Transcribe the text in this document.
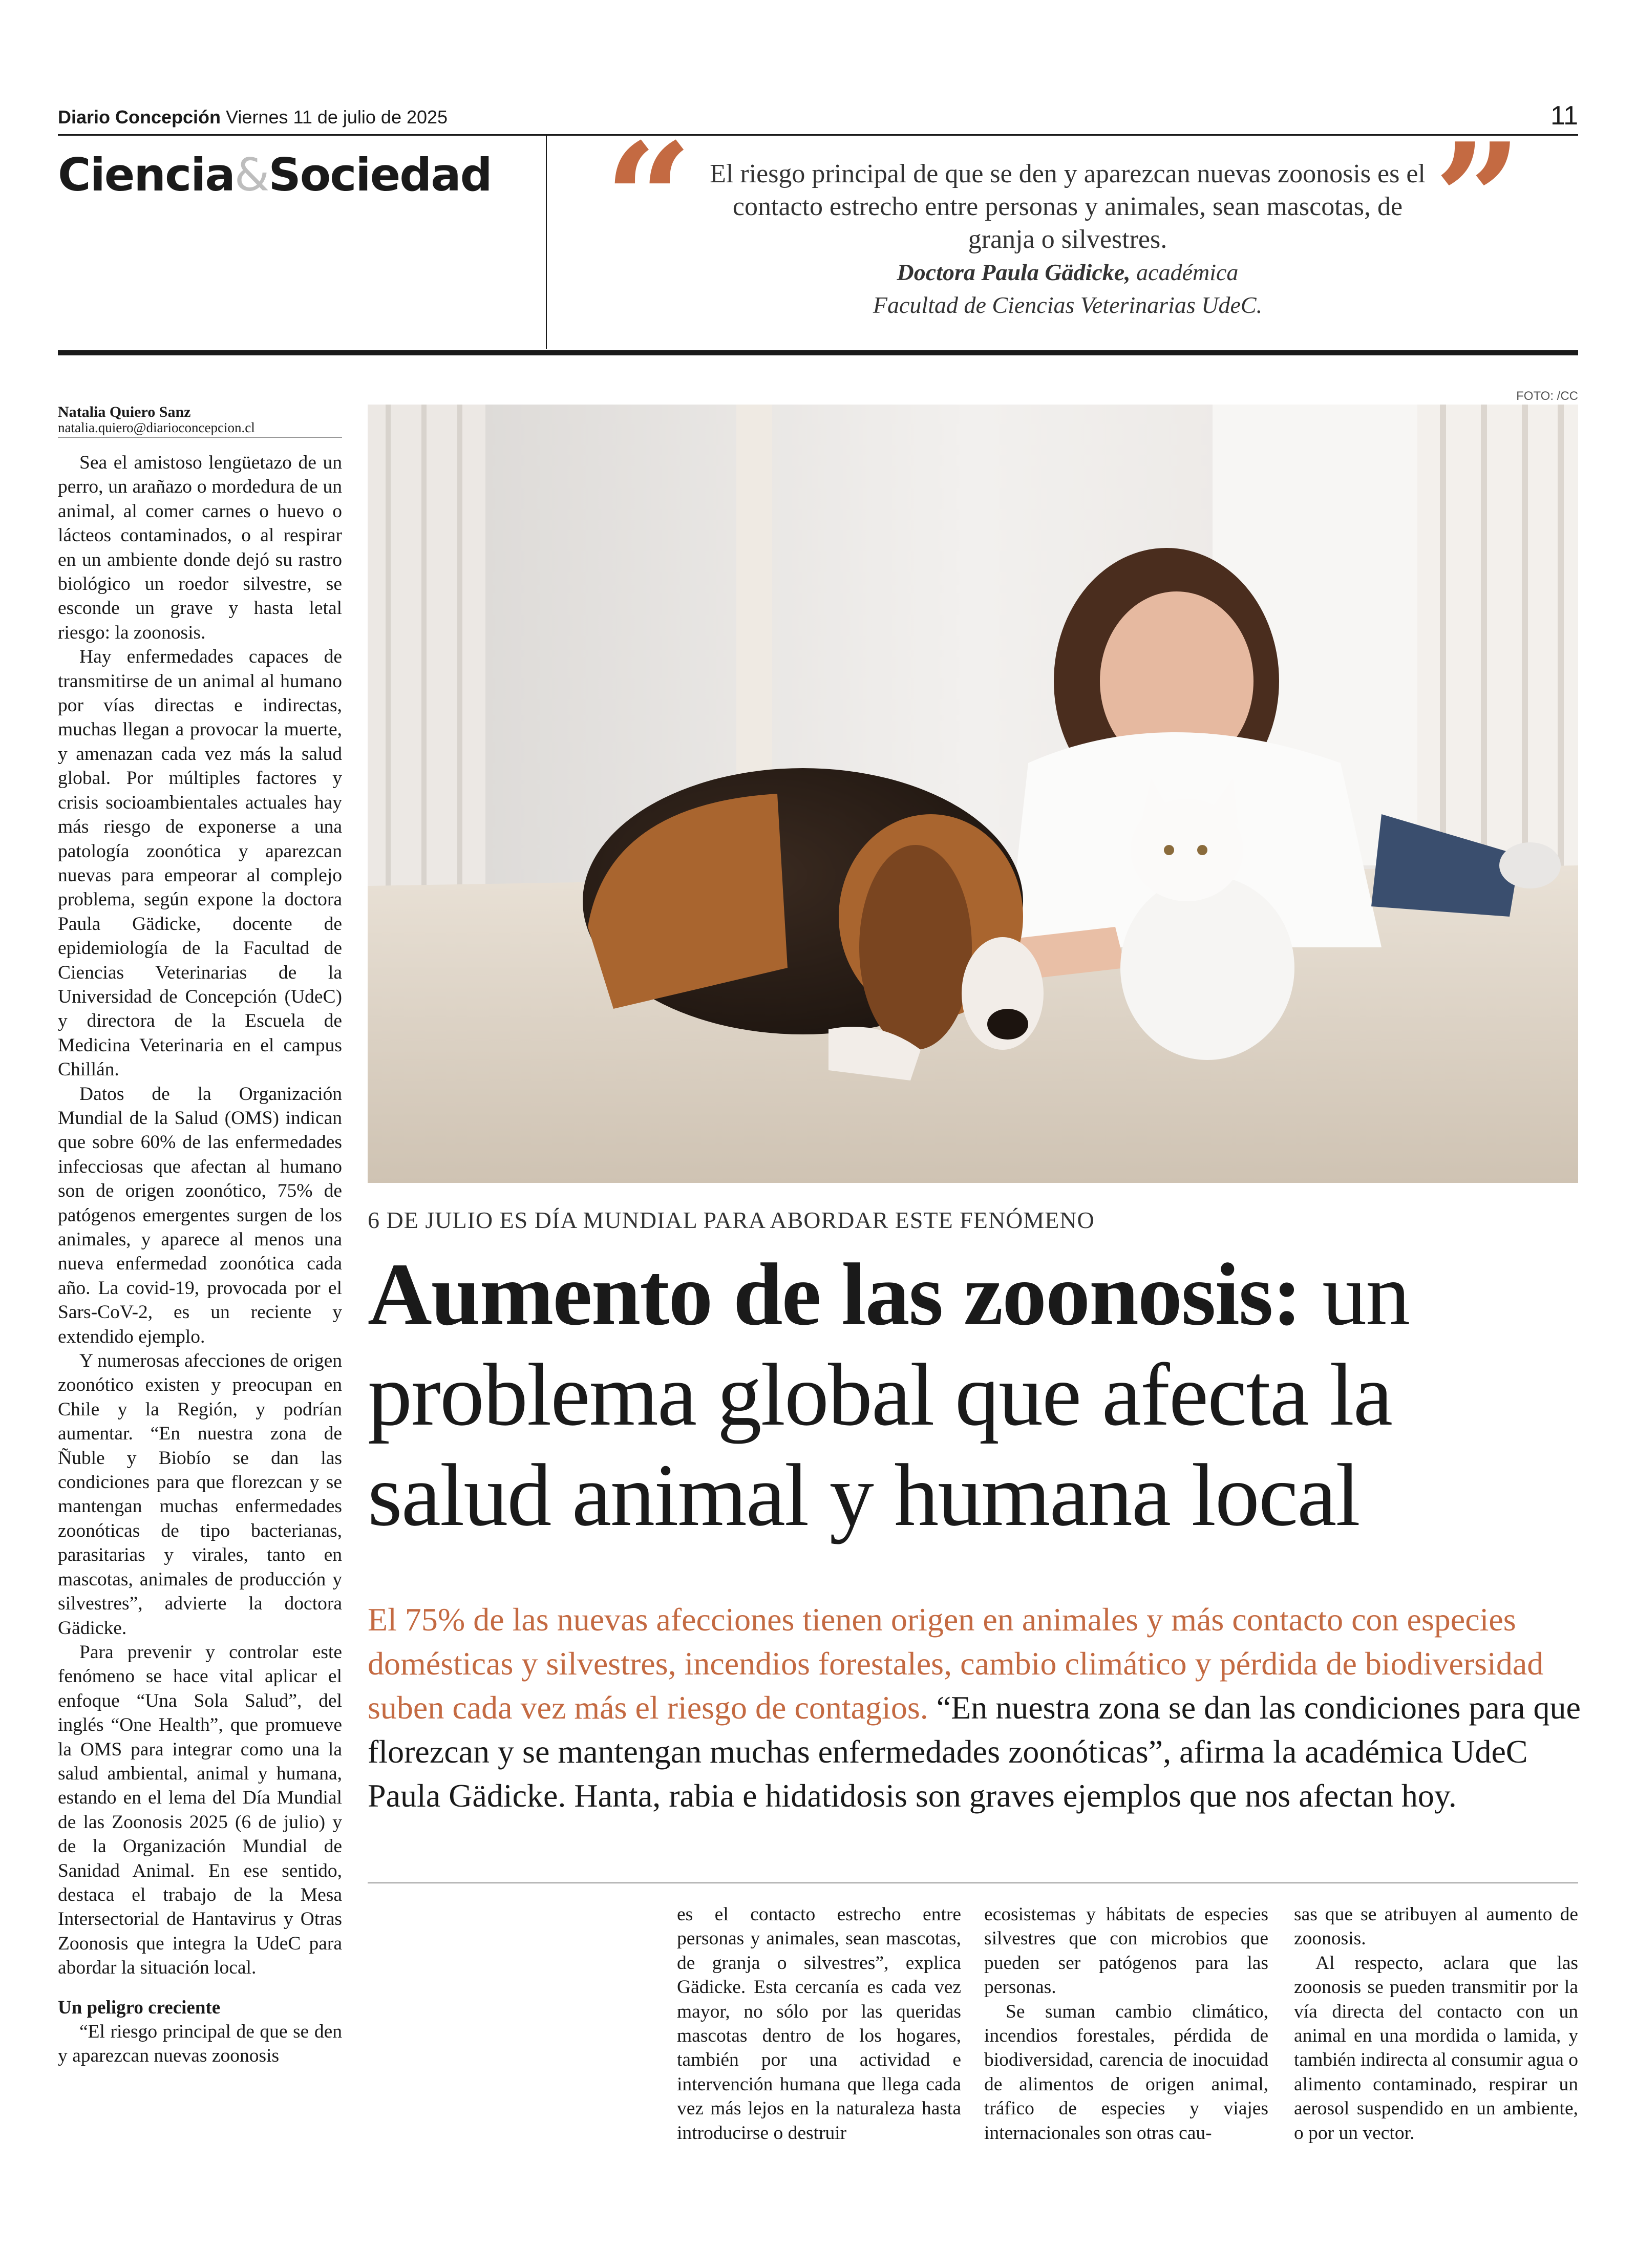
Diario Concepción Viernes 11 de julio de 2025	11
Ciencia&Sociedad “	”
El riesgo principal de que se den y aparezcan nuevas zoonosis es el contacto estrecho entre personas y animales, sean mascotas, de granja o silvestres.
Doctora Paula Gädicke, académica
Facultad de Ciencias Veterinarias UdeC.
Natalia Quiero Sanz
natalia.quiero@diarioconcepcion.cl

Sea el amistoso lengüetazo de un perro, un arañazo o mordedura de un animal, al comer carnes o huevo o lácteos contaminados, o al respirar en un ambiente donde dejó su rastro biológico un roedor silvestre, se esconde un grave y hasta letal riesgo: la zoonosis.

Hay enfermedades capaces de transmitirse de un animal al humano por vías directas e indirectas, muchas llegan a provocar la muerte, y amenazan cada vez más la salud global. Por múltiples factores y crisis socioambientales actuales hay más riesgo de exponerse a una patología zoonótica y aparezcan nuevas para empeorar al complejo problema, según expone la doctora Paula Gädicke, docente de epidemiología de la Facultad de Ciencias Veterinarias de la Universidad de Concepción (UdeC) y directora de la Escuela de Medicina Veterinaria en el campus Chillán.

Datos de la Organización Mundial de la Salud (OMS) indican que sobre 60% de las enfermedades infecciosas que afectan al humano son de origen zoonótico, 75% de patógenos emergentes surgen de los animales, y aparece al menos una nueva enfermedad zoonótica cada año. La covid-19, provocada por el Sars-CoV-2, es un reciente y extendido ejemplo.

Y numerosas afecciones de origen zoonótico existen y preocupan en Chile y la Región, y podrían aumentar. “En nuestra zona de Ñuble y Biobío se dan las condiciones para que florezcan y se mantengan muchas enfermedades zoonóticas de tipo bacterianas, parasitarias y virales, tanto en mascotas, animales de producción y silvestres”, advierte la doctora Gädicke.

Para prevenir y controlar este fenómeno se hace vital aplicar el enfoque “Una Sola Salud”, del inglés “One Health”, que promueve la OMS para integrar como una la salud ambiental, animal y humana, estando en el lema del Día Mundial de las Zoonosis 2025 (6 de julio) y de la Organización Mundial de Sanidad Animal. En ese sentido, destaca el trabajo de la Mesa Intersectorial de Hantavirus y Otras Zoonosis que integra la UdeC para abordar la situación local.

Un peligro creciente

“El riesgo principal de que se den y aparezcan nuevas zoonosis

FOTO: /CC
6 DE JULIO ES DÍA MUNDIAL PARA ABORDAR ESTE FENÓMENO
Aumento de las zoonosis: un problema global que afecta la salud animal y humana local
El 75% de las nuevas afecciones tienen origen en animales y más contacto con especies domésticas y silvestres, incendios forestales, cambio climático y pérdida de biodiversidad suben cada vez más el riesgo de contagios. “En nuestra zona se dan las condiciones para que florezcan y se mantengan muchas enfermedades zoonóticas”, afirma la académica UdeC Paula Gädicke. Hanta, rabia e hidatidosis son graves ejemplos que nos afectan hoy.

es el contacto estrecho entre personas y animales, sean mascotas, de granja o silvestres”, explica Gädicke. Esta cercanía es cada vez mayor, no sólo por las queridas mascotas dentro de los hogares, también por una actividad e intervención humana que llega cada vez más lejos en la naturaleza hasta introducirse o destruir

ecosistemas y hábitats de especies silvestres que con microbios que pueden ser patógenos para las personas.

Se suman cambio climático, incendios forestales, pérdida de biodiversidad, carencia de inocuidad de alimentos de origen animal, tráfico de especies y viajes internacionales son otras cau-

sas que se atribuyen al aumento de zoonosis.

Al respecto, aclara que las zoonosis se pueden transmitir por la vía directa del contacto con un animal en una mordida o lamida, y también indirecta al consumir agua o alimento contaminado, respirar un aerosol suspendido en un ambiente, o por un vector.
